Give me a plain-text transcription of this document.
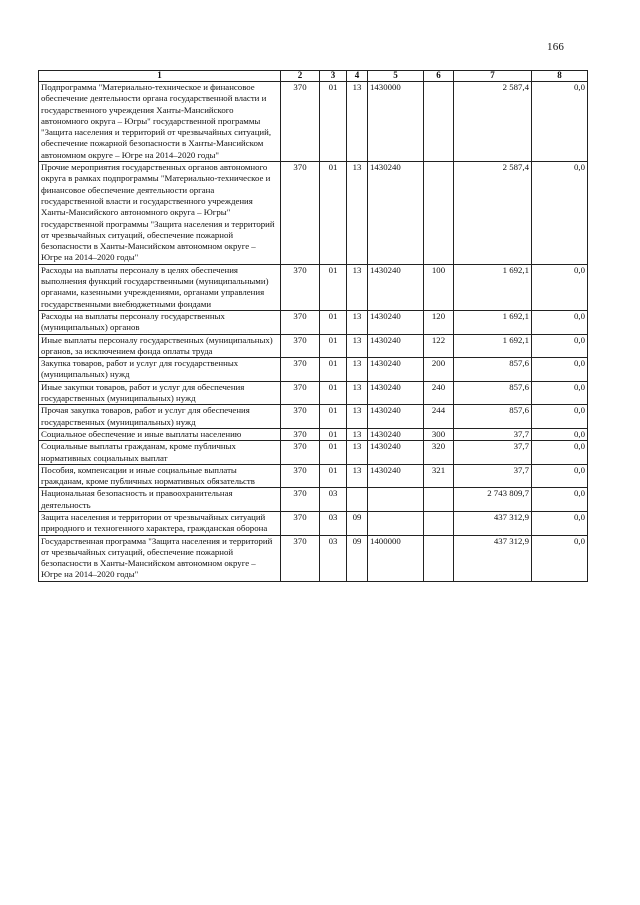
166
1	2	3	4	5	6	7	8
Подпрограмма "Материально-техническое и финансовое обеспечение деятельности органа государственной власти и государственного учреждения Ханты-Мансийского автономного округа – Югры" государственной программы "Защита населения и территорий от чрезвычайных ситуаций, обеспечение пожарной безопасности в Ханты-Мансийском автономном округе – Югре на 2014–2020 годы"	370	01	13	1430000		2 587,4	0,0
Прочие мероприятия государственных органов автономного округа в рамках подпрограммы "Материально-техническое и финансовое обеспечение деятельности органа государственной власти и государственного учреждения Ханты-Мансийского автономного округа – Югры" государственной программы "Защита населения и территорий от чрезвычайных ситуаций, обеспечение пожарной безопасности в Ханты-Мансийском автономном округе – Югре на 2014–2020 годы"	370	01	13	1430240		2 587,4	0,0
Расходы на выплаты персоналу в целях обеспечения выполнения функций государственными (муниципальными) органами, казенными учреждениями, органами управления государственными внебюджетными фондами	370	01	13	1430240	100	1 692,1	0,0
Расходы на выплаты персоналу государственных (муниципальных) органов	370	01	13	1430240	120	1 692,1	0,0
Иные выплаты персоналу государственных (муниципальных) органов, за исключением фонда оплаты труда	370	01	13	1430240	122	1 692,1	0,0
Закупка товаров, работ и услуг для государственных (муниципальных) нужд	370	01	13	1430240	200	857,6	0,0
Иные закупки товаров, работ и услуг для обеспечения государственных (муниципальных) нужд	370	01	13	1430240	240	857,6	0,0
Прочая закупка товаров, работ и услуг для обеспечения государственных (муниципальных) нужд	370	01	13	1430240	244	857,6	0,0
Социальное обеспечение и иные выплаты населению	370	01	13	1430240	300	37,7	0,0
Социальные выплаты гражданам, кроме публичных нормативных социальных выплат	370	01	13	1430240	320	37,7	0,0
Пособия, компенсации и иные социальные выплаты гражданам, кроме публичных нормативных обязательств	370	01	13	1430240	321	37,7	0,0
Национальная безопасность и правоохранительная деятельность	370	03				2 743 809,7	0,0
Защита населения и территории от чрезвычайных ситуаций природного и техногенного характера, гражданская оборона	370	03	09			437 312,9	0,0
Государственная программа "Защита населения и территорий от чрезвычайных ситуаций, обеспечение пожарной безопасности в Ханты-Мансийском автономном округе – Югре на 2014–2020 годы"	370	03	09	1400000		437 312,9	0,0
